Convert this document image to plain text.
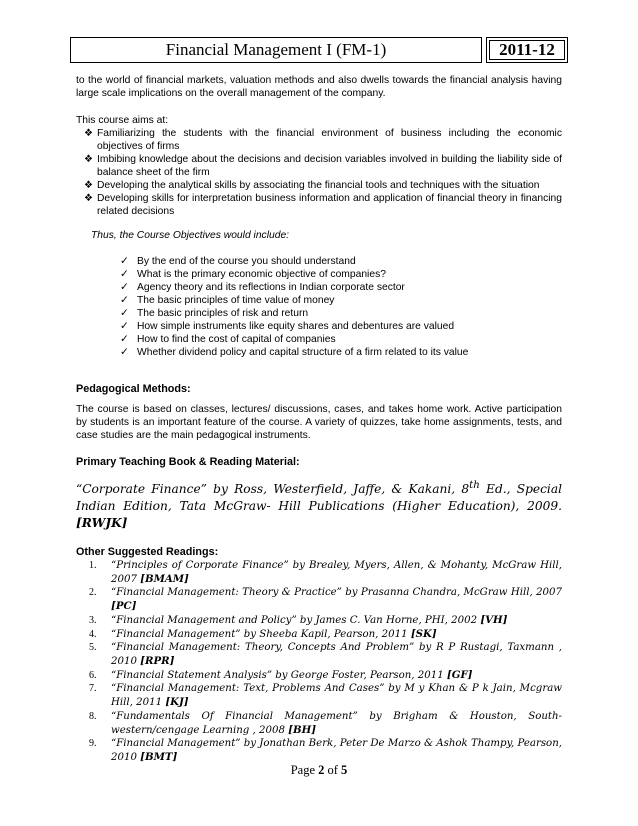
Financial Management I (FM-1)	2011-12

to the world of financial markets, valuation methods and also dwells towards the financial analysis having large scale implications on the overall management of the company.

This course aims at:

❖ Familiarizing the students with the financial environment of business including the economic objectives of firms
❖ Imbibing knowledge about the decisions and decision variables involved in building the liability side of balance sheet of the firm
❖ Developing the analytical skills by associating the financial tools and techniques with the situation
❖ Developing skills for interpretation business information and application of financial theory in financing related decisions

Thus, the Course Objectives would include:

✓ By the end of the course you should understand
✓ What is the primary economic objective of companies?
✓ Agency theory and its reflections in Indian corporate sector
✓ The basic principles of time value of money
✓ The basic principles of risk and return
✓ How simple instruments like equity shares and debentures are valued
✓ How to find the cost of capital of companies
✓ Whether dividend policy and capital structure of a firm related to its value

Pedagogical Methods:

The course is based on classes, lectures/ discussions, cases, and takes home work. Active participation by students is an important feature of the course. A variety of quizzes, take home assignments, tests, and case studies are the main pedagogical instruments.

Primary Teaching Book & Reading Material:

“Corporate Finance” by Ross, Westerfield, Jaffe, & Kakani, 8th Ed., Special Indian Edition, Tata McGraw- Hill Publications (Higher Education), 2009. [RWJK]

Other Suggested Readings:

1.	“Principles of Corporate Finance” by Brealey, Myers, Allen, & Mohanty, McGraw Hill, 2007 [BMAM]
2.	“Financial Management: Theory & Practice” by Prasanna Chandra, McGraw Hill, 2007 [PC]
3.	“Financial Management and Policy” by James C. Van Horne, PHI, 2002 [VH]
4.	“Financial Management” by Sheeba Kapil, Pearson, 2011 [SK]
5.	“Financial Management: Theory, Concepts And Problem” by R P Rustagi, Taxmann , 2010 [RPR]
6.	“Financial Statement Analysis” by George Foster, Pearson, 2011 [GF]
7.	“Financial Management: Text, Problems And Cases” by M y Khan & P k Jain, Mcgraw Hill, 2011 [KJ]
8.	“Fundamentals Of Financial Management” by Brigham & Houston, South-western/cengage Learning , 2008 [BH]
9.	“Financial Management” by Jonathan Berk, Peter De Marzo & Ashok Thampy, Pearson, 2010 [BMT]
Page 2 of 5
